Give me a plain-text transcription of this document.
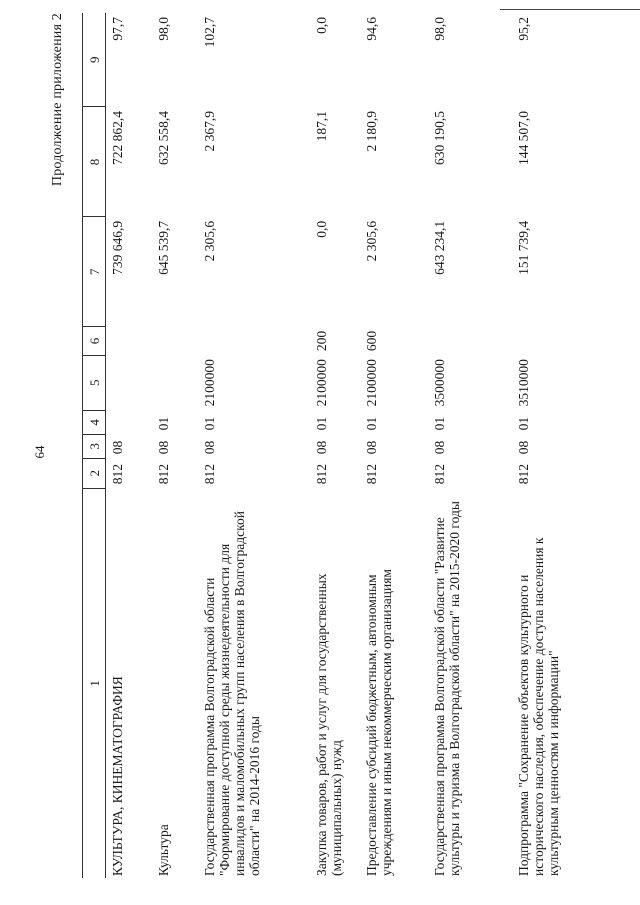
64
Продолжение приложения 2
1	2	3	4	5	6	7	8	9
КУЛЬТУРА, КИНЕМАТОГРАФИЯ	812	08				739 646,9	722 862,4	97,7
Культура	812	08	01			645 539,7	632 558,4	98,0
Государственная программа Волгоградской области "Формирование доступной среды жизнедеятельности для инвалидов и маломобильных групп населения в Волгоградской области" на 2014-2016 годы	812	08	01	2100000		2 305,6	2 367,9	102,7
Закупка товаров, работ и услуг для государственных (муниципальных) нужд	812	08	01	2100000	200	0,0	187,1	0,0
Предоставление субсидий бюджетным, автономным учреждениям и иным некоммерческим организациям	812	08	01	2100000	600	2 305,6	2 180,9	94,6
Государственная программа Волгоградской области "Развитие культуры и туризма в Волгоградской области" на 2015-2020 годы	812	08	01	3500000		643 234,1	630 190,5	98,0
Подпрограмма "Сохранение объектов культурного и исторического наследия, обеспечение доступа населения к культурным ценностям и информации"	812	08	01	3510000		151 739,4	144 507,0	95,2
